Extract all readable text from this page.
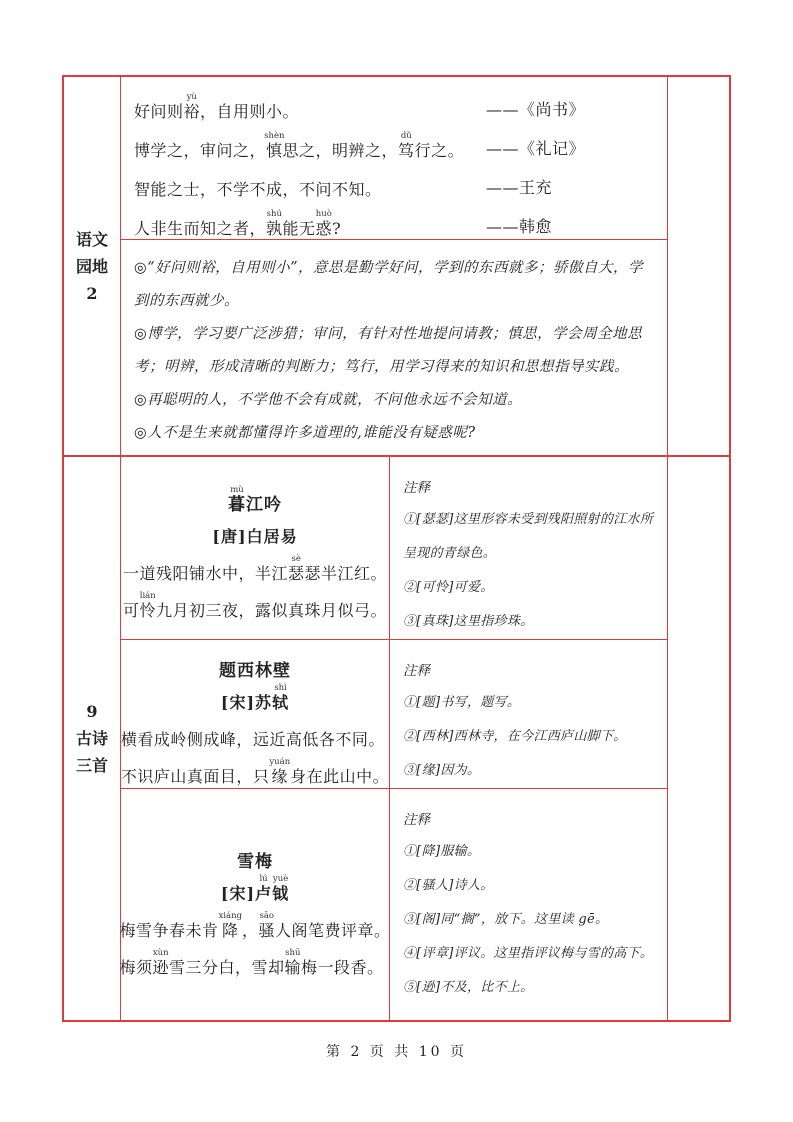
语文
园地
2
好问则裕yù，自用则小。	——《尚书》
博学之，审问之，慎shèn思之，明辨之，笃dǔ行之。 ——《礼记》
智能之士，不学不成，不问不知。	——王充
人非生而知之者，孰shú能无惑huò?	——韩愈
◎“好问则裕，自用则小”，意思是勤学好问，学到的东西就多；骄傲自大，学到的东西就少。
◎博学，学习要广泛涉猎；审问，有针对性地提问请教；慎思，学会周全地思考；明辨，形成清晰的判断力；笃行，用学习得来的知识和思想指导实践。
◎再聪明的人，不学他不会有成就，不问他永远不会知道。
◎人不是生来就都懂得许多道理的,谁能没有疑惑呢?
9
古诗
三首
暮mù
江吟
[唐]白居易
一道残阳铺水中，半江 瑟sè
瑟半江红。
可 怜lián
九月初三夜，露似真珠月似弓。
注释
①[瑟瑟]这里形容未受到残阳照射的江水所呈现的青绿色。
②[可怜]可爱。
③[真珠]这里指珍珠。
题西林壁
[宋]苏 轼shì
横看成岭侧成峰，远近高低各不同。
不识庐山真面目，只 缘yuán
身在此山中。
注释
①[题]书写，题写。
②[西林]西林寺，在今江西庐山脚下。
③[缘]因为。
雪梅
[宋] 卢lú
钺yuè
梅雪争春未肯 降xiáng
， 骚sāo
人阁笔费评章。
梅须 逊xùn
雪三分白，雪却 输shū
梅一段香。
注释
①[降]服输。
②[骚人]诗人。
③[阁]同“搁”，放下。这里读 gē。
④[评章]评议。这里指评议梅与雪的高下。
⑤[逊]不及，比不上。
第 2 页 共 10 页
